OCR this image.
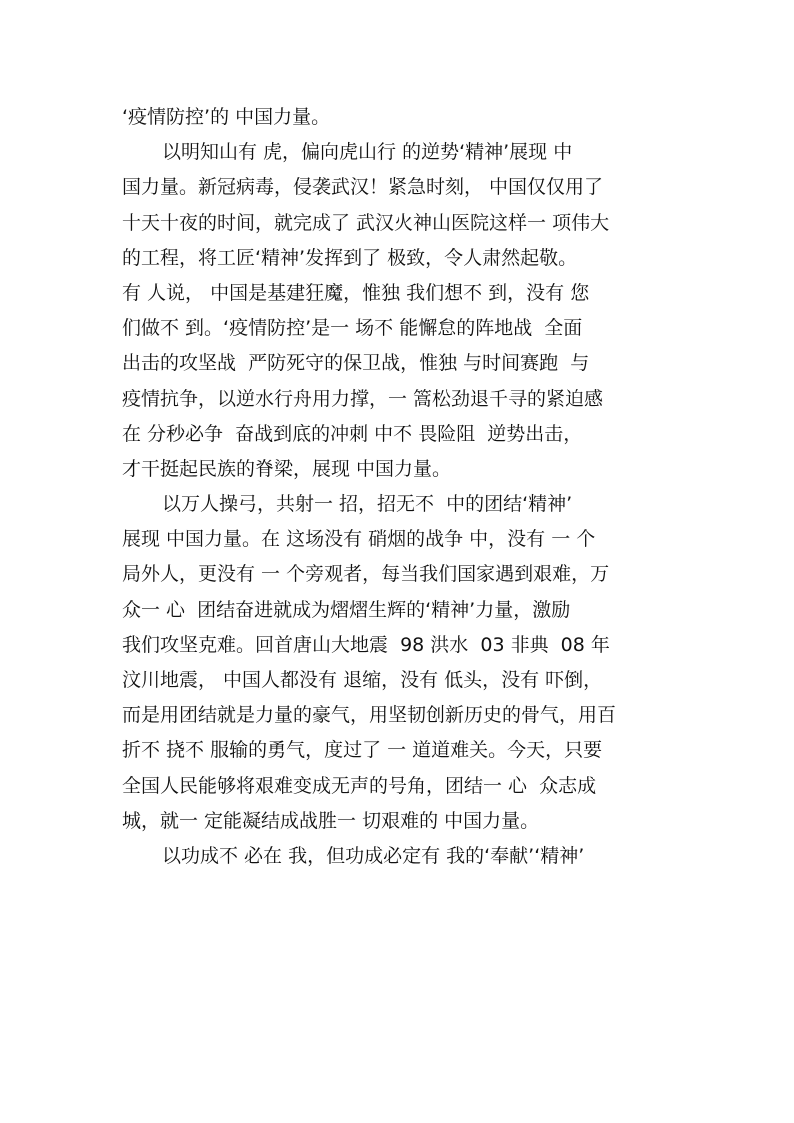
‘疫情防控’的 中国力量。
以明知山有 虎，偏向虎山行 的逆势‘精神’展现 中
国力量。新冠病毒，侵袭武汉！紧急时刻， 中国仅仅用了
十天十夜的时间，就完成了 武汉火神山医院这样一 项伟大
的工程，将工匠‘精神’发挥到了 极致，令人肃然起敬。
有 人说， 中国是基建狂魔，惟独 我们想不 到，没有 您
们做不 到。‘疫情防控’是一 场不 能懈怠的阵地战  全面
出击的攻坚战  严防死守的保卫战，惟独 与时间赛跑  与
疫情抗争，以逆水行舟用力撑，一 篙松劲退千寻的紧迫感
在 分秒必争  奋战到底的冲刺 中不 畏险阻  逆势出击，
才干挺起民族的脊梁，展现 中国力量。
以万人操弓，共射一 招，招无不  中的团结‘精神’
展现 中国力量。在 这场没有 硝烟的战争 中，没有 一 个
局外人，更没有 一 个旁观者，每当我们国家遇到艰难，万
众一 心  团结奋进就成为熠熠生辉的‘精神’力量，激励
我们攻坚克难。回首唐山大地震  98 洪水  03 非典  08 年
汶川地震， 中国人都没有 退缩，没有 低头，没有 吓倒，
而是用团结就是力量的豪气，用坚韧创新历史的骨气，用百
折不 挠不 服输的勇气，度过了 一 道道难关。今天，只要
全国人民能够将艰难变成无声的号角，团结一 心  众志成
城，就一 定能凝结成战胜一 切艰难的 中国力量。
以功成不 必在 我，但功成必定有 我的‘奉献’‘精神’
